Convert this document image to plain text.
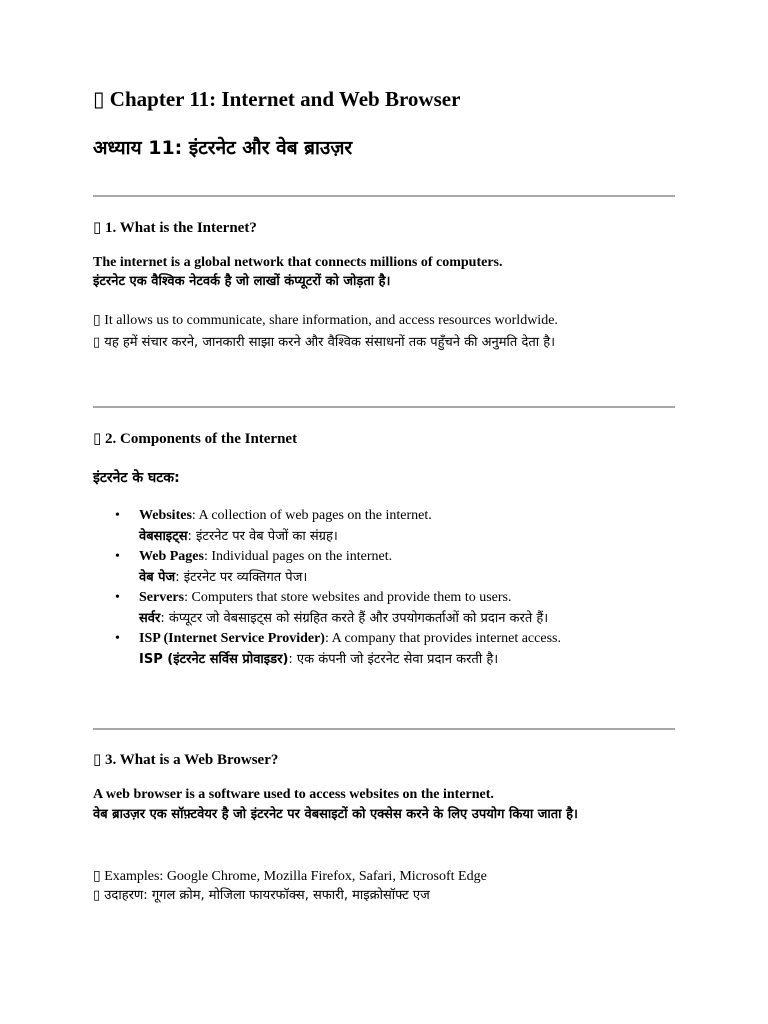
▯ Chapter 11: Internet and Web Browser
अध्याय 11: इंटरनेट और वेब ब्राउज़र
▯ 1. What is the Internet?
The internet is a global network that connects millions of computers.
इंटरनेट एक वैश्विक नेटवर्क है जो लाखों कंप्यूटरों को जोड़ता है।
▯ It allows us to communicate, share information, and access resources worldwide.
▯ यह हमें संचार करने, जानकारी साझा करने और वैश्विक संसाधनों तक पहुँचने की अनुमति देता है।
▯ 2. Components of the Internet
इंटरनेट के घटक:
• Websites: A collection of web pages on the internet.
वेबसाइट्स: इंटरनेट पर वेब पेजों का संग्रह।
• Web Pages: Individual pages on the internet.
वेब पेज: इंटरनेट पर व्यक्तिगत पेज।
• Servers: Computers that store websites and provide them to users.
सर्वर: कंप्यूटर जो वेबसाइट्स को संग्रहित करते हैं और उपयोगकर्ताओं को प्रदान करते हैं।
• ISP (Internet Service Provider): A company that provides internet access.
ISP (इंटरनेट सर्विस प्रोवाइडर): एक कंपनी जो इंटरनेट सेवा प्रदान करती है।
▯ 3. What is a Web Browser?
A web browser is a software used to access websites on the internet.
वेब ब्राउज़र एक सॉफ़्टवेयर है जो इंटरनेट पर वेबसाइटों को एक्सेस करने के लिए उपयोग किया जाता है।
▯ Examples: Google Chrome, Mozilla Firefox, Safari, Microsoft Edge
▯ उदाहरण: गूगल क्रोम, मोजिला फायरफॉक्स, सफारी, माइक्रोसॉफ्ट एज
